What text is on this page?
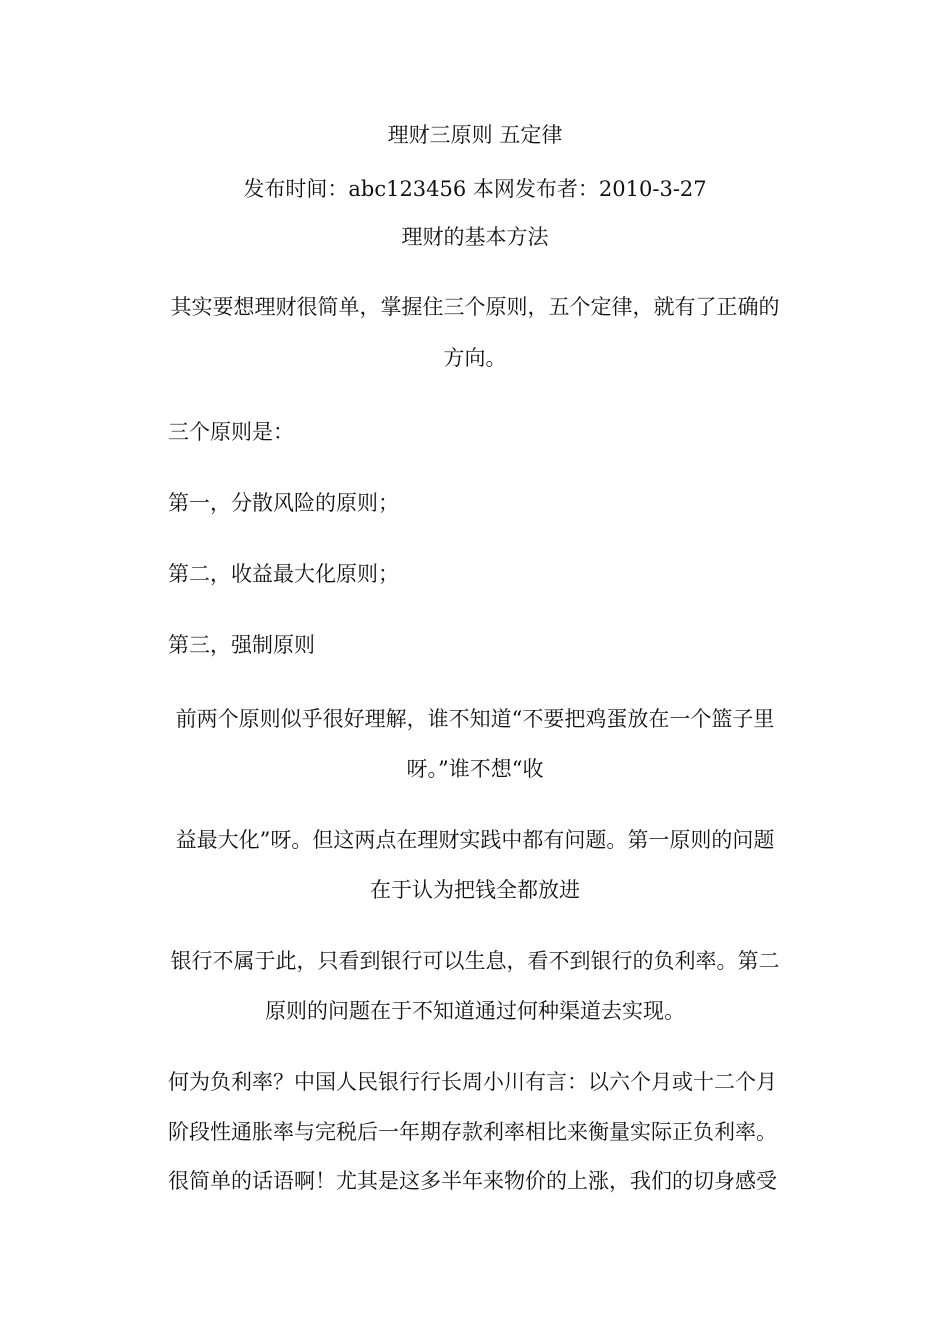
理财三原则 五定律
发布时间：abc123456 本网发布者：2010-3-27
理财的基本方法
其实要想理财很简单，掌握住三个原则，五个定律，就有了正确的
方向。
三个原则是：
第一，分散风险的原则；
第二，收益最大化原则；
第三，强制原则
前两个原则似乎很好理解，谁不知道“不要把鸡蛋放在一个篮子里
呀。”谁不想“收
益最大化”呀。但这两点在理财实践中都有问题。第一原则的问题
在于认为把钱全都放进
银行不属于此，只看到银行可以生息，看不到银行的负利率。第二
原则的问题在于不知道通过何种渠道去实现。
何为负利率？中国人民银行行长周小川有言：以六个月或十二个月
阶段性通胀率与完税后一年期存款利率相比来衡量实际正负利率。
很简单的话语啊！尤其是这多半年来物价的上涨，我们的切身感受
